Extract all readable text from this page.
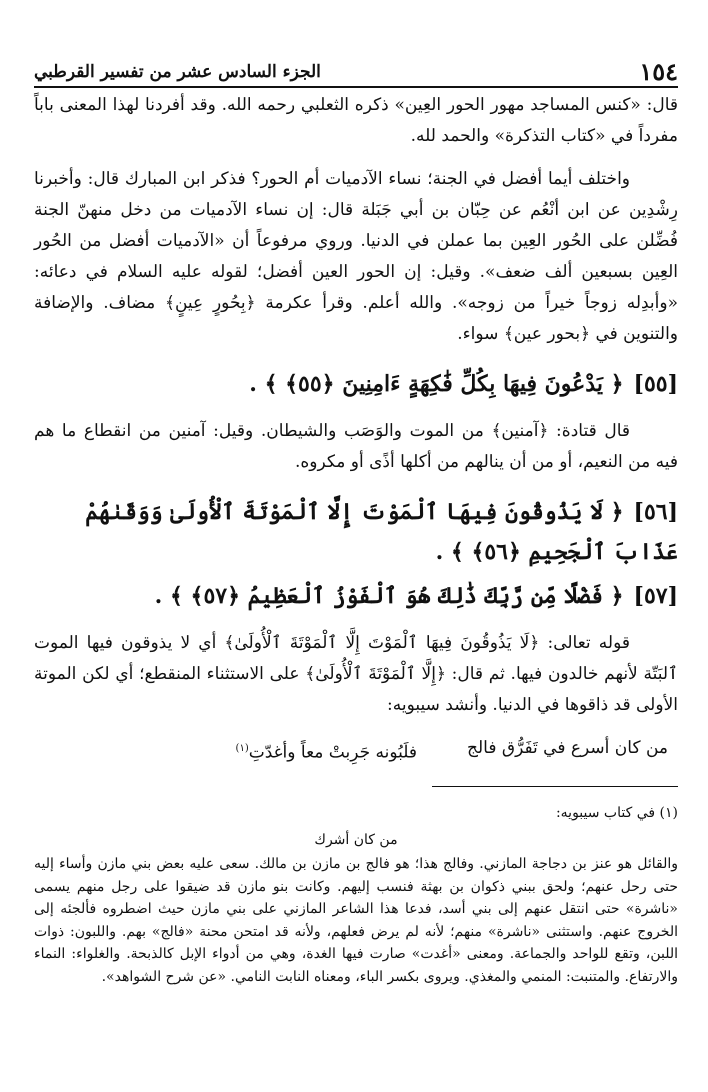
١٥٤
الجزء السادس عشر من تفسير القرطبي

قال: «كنس المساجد مهور الحور العِين» ذكره الثعلبي رحمه الله. وقد أفردنا لهذا المعنى باباً مفرداً في «كتاب التذكرة» والحمد لله.

واختلف أيما أفضل في الجنة؛ نساء الآدميات أم الحور؟ فذكر ابن المبارك قال: وأخبرنا رِشْدِين عن ابن أنْعُم عن حِبّان بن أبي جَبَلة قال: إن نساء الآدميات من دخل منهنّ الجنة فُضِّلن على الحُور العِين بما عملن في الدنيا. وروي مرفوعاً أن «الآدميات أفضل من الحُور العِين بسبعين ألف ضعف». وقيل: إن الحور العين أفضل؛ لقوله عليه السلام في دعائه: «وأبدِله زوجاً خيراً من زوجه». والله أعلم. وقرأ عكرمة ﴿بِحُورٍ عِينٍ﴾ مضاف. والإضافة والتنوين في ﴿بحور عين﴾ سواء.

[٥٥]﴿ يَدْعُونَ فِيهَا بِكُلِّ فَٰكِهَةٍ ءَامِنِينَ ﴿٥٥﴾ ﴾ .

قال قتادة: ﴿آمنين﴾ من الموت والوَصَب والشيطان. وقيل: آمنين من انقطاع ما هم فيه من النعيم، أو من أن ينالهم من أكلها أذًى أو مكروه.

[٥٦]﴿ لَا يَذُوقُونَ فِيهَا ٱلْمَوْتَ إِلَّا ٱلْمَوْتَةَ ٱلْأُولَىٰ وَوَقَىٰهُمْ عَذَابَ ٱلْجَحِيمِ ﴿٥٦﴾ ﴾ .
[٥٧]﴿ فَضْلًا مِّن رَّبِّكَ ذَٰلِكَ هُوَ ٱلْفَوْزُ ٱلْعَظِيمُ ﴿٥٧﴾ ﴾ .

قوله تعالى: ﴿لَا يَذُوقُونَ فِيهَا ٱلْمَوْتَ إِلَّا ٱلْمَوْتَةَ ٱلْأُولَىٰ﴾ أي لا يذوقون فيها الموت ٱلبَتّة لأنهم خالدون فيها. ثم قال: ﴿إِلَّا ٱلْمَوْتَةَ ٱلْأُولَىٰ﴾ على الاستثناء المنقطع؛ أي لكن الموتة الأولى قد ذاقوها في الدنيا. وأنشد سيبويه:

من كان أسرع في تَفَرُّق فالج
فلَبُونه جَرِبتْ معاً وأغدّتِ$^{(١)}$

(١) في كتاب سيبويه:

من كان أشرك

والقائل هو عنز بن دجاجة المازني. وفالج هذا؛ هو فالج بن مازن بن مالك. سعى عليه بعض بني مازن وأساء إليه حتى رحل عنهم؛ ولحق ببني ذكوان بن بهثة فنسب إليهم. وكانت بنو مازن قد ضيقوا على رجل منهم يسمى «ناشرة» حتى انتقل عنهم إلى بني أسد، فدعا هذا الشاعر المازني على بني مازن حيث اضطروه فألجئه إلى الخروج عنهم. واستثنى «ناشرة» منهم؛ لأنه لم يرض فعلهم، ولأنه قد امتحن محنة «فالج» بهم. واللبون: ذوات اللبن، وتقع للواحد والجماعة. ومعنى «أغدت» صارت فيها الغدة، وهي من أدواء الإبل كالذبحة. والغلواء: النماء والارتفاع. والمتنبت: المنمي والمغذي. ويروى بكسر الباء، ومعناه النابت النامي. «عن شرح الشواهد».
